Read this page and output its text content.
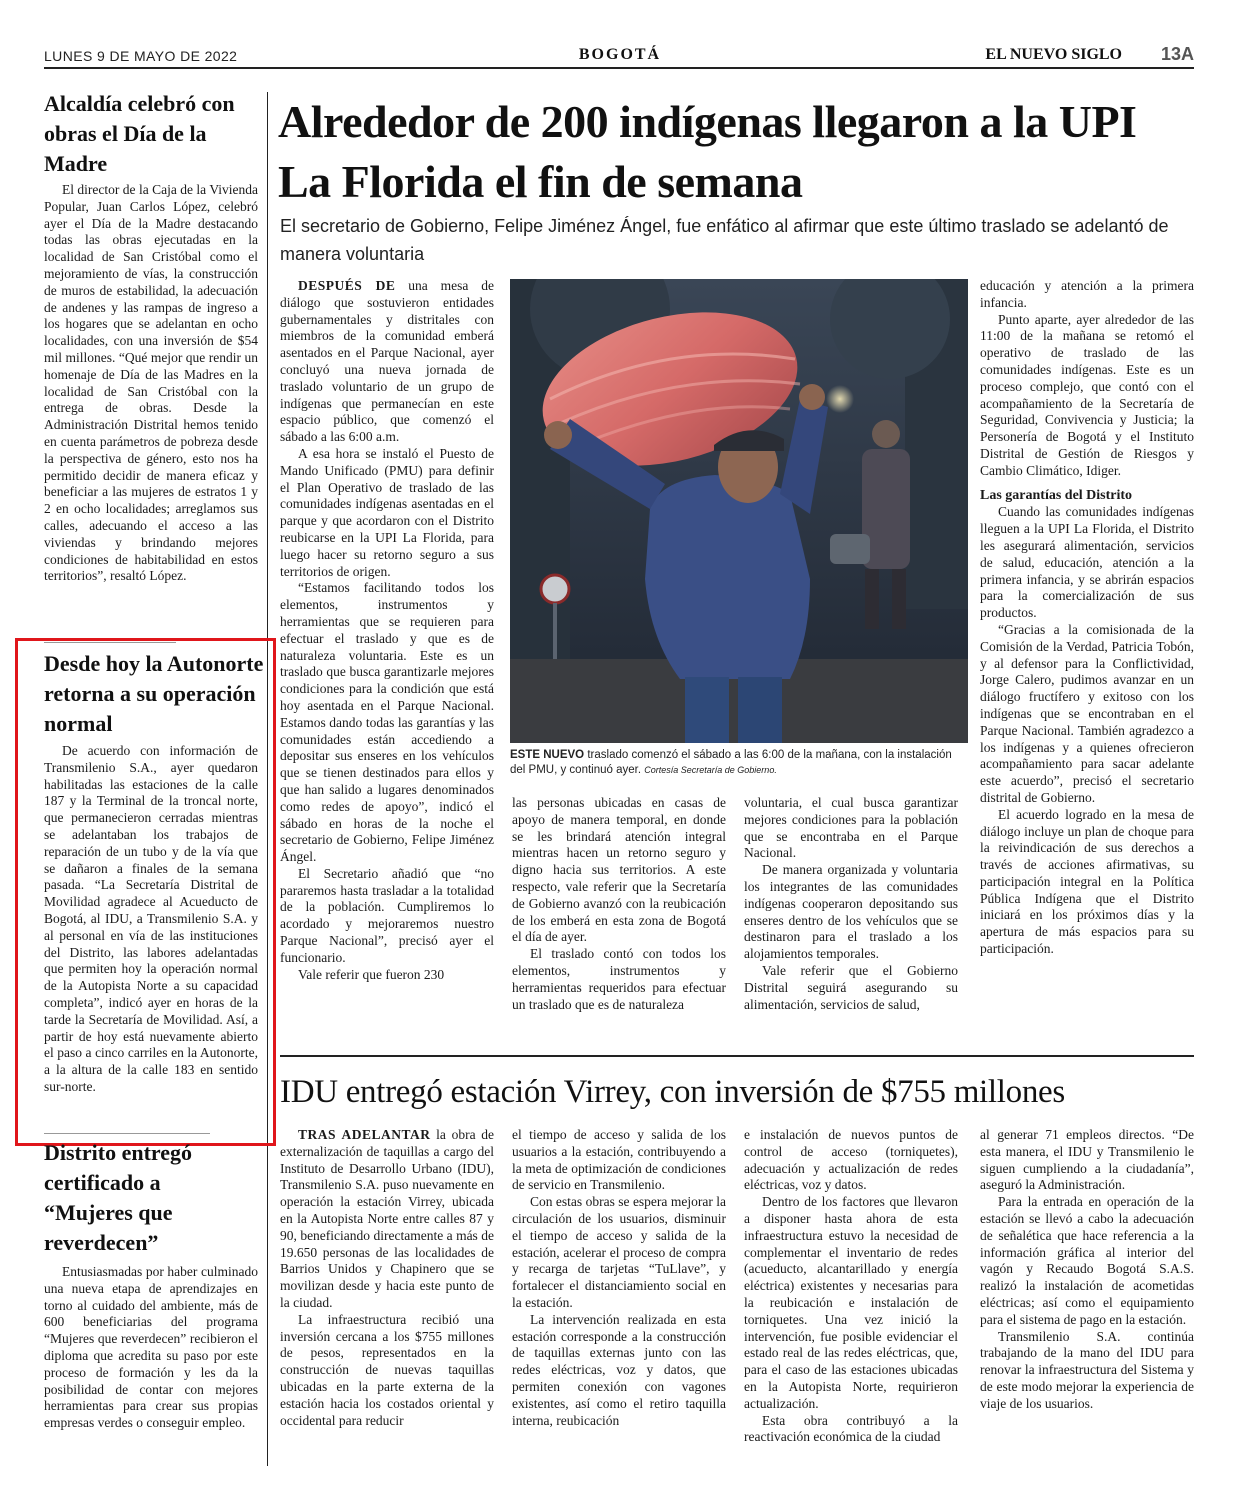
LUNES 9 DE MAYO DE 2022	BOGOTÁ	EL NUEVO SIGLO 13A
Alcaldía celebró con obras el Día de la Madre

El director de la Caja de la Vivienda Popular, Juan Carlos López, celebró ayer el Día de la Madre destacando todas las obras ejecutadas en la localidad de San Cristóbal como el mejoramiento de vías, la construcción de muros de estabilidad, la adecuación de andenes y las rampas de ingreso a los hogares que se adelantan en ocho localidades, con una inversión de $54 mil millones. “Qué mejor que rendir un homenaje de Día de las Madres en la localidad de San Cristóbal con la entrega de obras. Desde la Administración Distrital hemos tenido en cuenta parámetros de pobreza desde la perspectiva de género, esto nos ha permitido decidir de manera eficaz y beneficiar a las mujeres de estratos 1 y 2 en ocho localidades; arreglamos sus calles, adecuando el acceso a las viviendas y brindando mejores condiciones de habitabilidad en estos territorios”, resaltó López.

Desde hoy la Autonorte retorna a su operación normal

De acuerdo con información de Transmilenio S.A., ayer quedaron habilitadas las estaciones de la calle 187 y la Terminal de la troncal norte, que permanecieron cerradas mientras se adelantaban los trabajos de reparación de un tubo y de la vía que se dañaron a finales de la semana pasada. “La Secretaría Distrital de Movilidad agradece al Acueducto de Bogotá, al IDU, a Transmilenio S.A. y al personal en vía de las instituciones del Distrito, las labores adelantadas que permiten hoy la operación normal de la Autopista Norte a su capacidad completa”, indicó ayer en horas de la tarde la Secretaría de Movilidad. Así, a partir de hoy está nuevamente abierto el paso a cinco carriles en la Autonorte, a la altura de la calle 183 en sentido sur-norte.

Distrito entregó certificado a “Mujeres que reverdecen”

Entusiasmadas por haber culminado una nueva etapa de aprendizajes en torno al cuidado del ambiente, más de 600 beneficiarias del programa “Mujeres que reverdecen” recibieron el diploma que acredita su paso por este proceso de formación y les da la posibilidad de contar con mejores herramientas para crear sus propias empresas verdes o conseguir empleo.

Alrededor de 200 indígenas llegaron a la UPI La Florida el fin de semana
El secretario de Gobierno, Felipe Jiménez Ángel, fue enfático al afirmar que este último traslado se adelantó de manera voluntaria

DESPUÉS DE una mesa de diálogo que sostuvieron entidades gubernamentales y distritales con miembros de la comunidad emberá asentados en el Parque Nacional, ayer concluyó una nueva jornada de traslado voluntario de un grupo de indígenas que permanecían en este espacio público, que comenzó el sábado a las 6:00 a.m.

A esa hora se instaló el Puesto de Mando Unificado (PMU) para definir el Plan Operativo de traslado de las comunidades indígenas asentadas en el parque y que acordaron con el Distrito reubicarse en la UPI La Florida, para luego hacer su retorno seguro a sus territorios de origen.

“Estamos facilitando todos los elementos, instrumentos y herramientas que se requieren para efectuar el traslado y que es de naturaleza voluntaria. Este es un traslado que busca garantizarle mejores condiciones para la condición que está hoy asentada en el Parque Nacional. Estamos dando todas las garantías y las comunidades están accediendo a depositar sus enseres en los vehículos que se tienen destinados para ellos y que han salido a lugares denominados como redes de apoyo”, indicó el sábado en horas de la noche el secretario de Gobierno, Felipe Jiménez Ángel.

El Secretario añadió que “no pararemos hasta trasladar a la totalidad de la población. Cumpliremos lo acordado y mejoraremos nuestro Parque Nacional”, precisó ayer el funcionario.

Vale referir que fueron 230

ESTE NUEVO traslado comenzó el sábado a las 6:00 de la mañana, con la instalación del PMU, y continuó ayer. Cortesía Secretaría de Gobierno.

las personas ubicadas en casas de apoyo de manera temporal, en donde se les brindará atención integral mientras hacen un retorno seguro y digno hacia sus territorios. A este respecto, vale referir que la Secretaría de Gobierno avanzó con la reubicación de los emberá en esta zona de Bogotá el día de ayer.

El traslado contó con todos los elementos, instrumentos y herramientas requeridos para efectuar un traslado que es de naturaleza

voluntaria, el cual busca garantizar mejores condiciones para la población que se encontraba en el Parque Nacional.

De manera organizada y voluntaria los integrantes de las comunidades indígenas cooperaron depositando sus enseres dentro de los vehículos que se destinaron para el traslado a los alojamientos temporales.

Vale referir que el Gobierno Distrital seguirá asegurando su alimentación, servicios de salud,

educación y atención a la primera infancia.

Punto aparte, ayer alrededor de las 11:00 de la mañana se retomó el operativo de traslado de las comunidades indígenas. Este es un proceso complejo, que contó con el acompañamiento de la Secretaría de Seguridad, Convivencia y Justicia; la Personería de Bogotá y el Instituto Distrital de Gestión de Riesgos y Cambio Climático, Idiger.

Las garantías del Distrito

Cuando las comunidades indígenas lleguen a la UPI La Florida, el Distrito les asegurará alimentación, servicios de salud, educación, atención a la primera infancia, y se abrirán espacios para la comercialización de sus productos.

“Gracias a la comisionada de la Comisión de la Verdad, Patricia Tobón, y al defensor para la Conflictividad, Jorge Calero, pudimos avanzar en un diálogo fructífero y exitoso con los indígenas que se encontraban en el Parque Nacional. También agradezco a los indígenas y a quienes ofrecieron acompañamiento para sacar adelante este acuerdo”, precisó el secretario distrital de Gobierno.

El acuerdo logrado en la mesa de diálogo incluye un plan de choque para la reivindicación de sus derechos a través de acciones afirmativas, su participación integral en la Política Pública Indígena que el Distrito iniciará en los próximos días y la apertura de más espacios para su participación.

IDU entregó estación Virrey, con inversión de $755 millones

TRAS ADELANTAR la obra de externalización de taquillas a cargo del Instituto de Desarrollo Urbano (IDU), Transmilenio S.A. puso nuevamente en operación la estación Virrey, ubicada en la Autopista Norte entre calles 87 y 90, beneficiando directamente a más de 19.650 personas de las localidades de Barrios Unidos y Chapinero que se movilizan desde y hacia este punto de la ciudad.

La infraestructura recibió una inversión cercana a los $755 millones de pesos, representados en la construcción de nuevas taquillas ubicadas en la parte externa de la estación hacia los costados oriental y occidental para reducir

el tiempo de acceso y salida de los usuarios a la estación, contribuyendo a la meta de optimización de condiciones de servicio en Transmilenio.

Con estas obras se espera mejorar la circulación de los usuarios, disminuir el tiempo de acceso y salida de la estación, acelerar el proceso de compra y recarga de tarjetas “TuLlave”, y fortalecer el distanciamiento social en la estación.

La intervención realizada en esta estación corresponde a la construcción de taquillas externas junto con las redes eléctricas, voz y datos, que permiten conexión con vagones existentes, así como el retiro taquilla interna, reubicación

e instalación de nuevos puntos de control de acceso (torniquetes), adecuación y actualización de redes eléctricas, voz y datos.

Dentro de los factores que llevaron a disponer hasta ahora de esta infraestructura estuvo la necesidad de complementar el inventario de redes (acueducto, alcantarillado y energía eléctrica) existentes y necesarias para la reubicación e instalación de torniquetes. Una vez inició la intervención, fue posible evidenciar el estado real de las redes eléctricas, que, para el caso de las estaciones ubicadas en la Autopista Norte, requirieron actualización.

Esta obra contribuyó a la reactivación económica de la ciudad

al generar 71 empleos directos. “De esta manera, el IDU y Transmilenio le siguen cumpliendo a la ciudadanía”, aseguró la Administración.

Para la entrada en operación de la estación se llevó a cabo la adecuación de señalética que hace referencia a la información gráfica al interior del vagón y Recaudo Bogotá S.A.S. realizó la instalación de acometidas eléctricas; así como el equipamiento para el sistema de pago en la estación.

Transmilenio S.A. continúa trabajando de la mano del IDU para renovar la infraestructura del Sistema y de este modo mejorar la experiencia de viaje de los usuarios.
